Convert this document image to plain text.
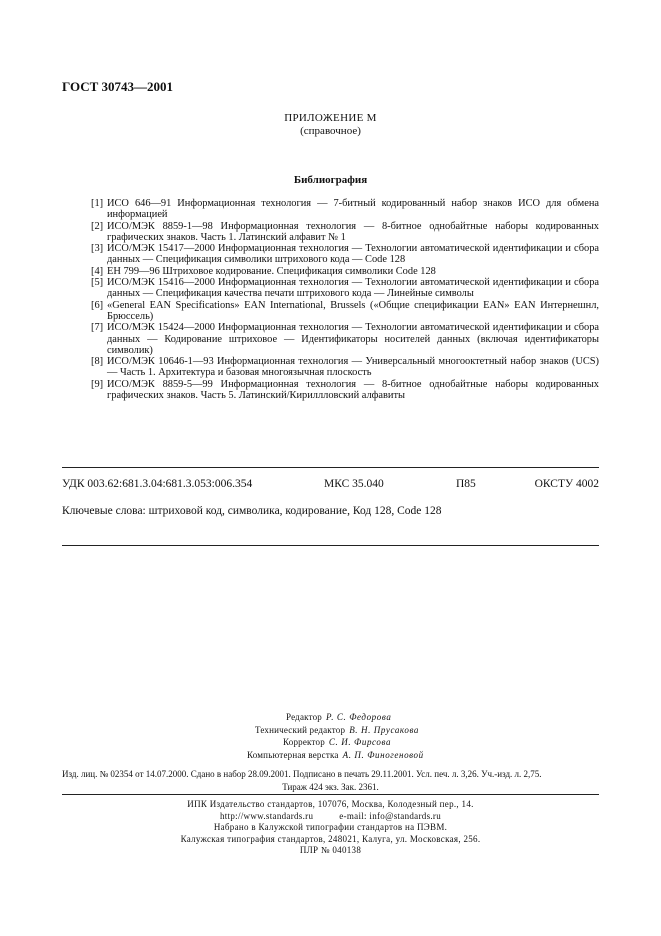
ГОСТ 30743—2001
ПРИЛОЖЕНИЕ М
(справочное)
Библиография
[1] ИСО 646—91 Информационная технология — 7-битный кодированный набор знаков ИСО для обмена информацией
[2] ИСО/МЭК 8859-1—98 Информационная технология — 8-битное однобайтные наборы кодированных графических знаков. Часть 1. Латинский алфавит № 1
[3] ИСО/МЭК 15417—2000 Информационная технология — Технологии автоматической идентификации и сбора данных — Спецификация символики штрихового кода — Code 128
[4] ЕН 799—96 Штриховое кодирование. Спецификация символики Code 128
[5] ИСО/МЭК 15416—2000 Информационная технология — Технологии автоматической идентификации и сбора данных — Спецификация качества печати штрихового кода — Линейные символы
[6] «General EAN Specifications» EAN International, Brussels («Общие спецификации EAN» EAN Интернешнл, Брюссель)
[7] ИСО/МЭК 15424—2000 Информационная технология — Технологии автоматической идентификации и сбора данных — Кодирование штриховое — Идентификаторы носителей данных (включая идентификаторы символик)
[8] ИСО/МЭК 10646-1—93 Информационная технология — Универсальный многооктетный набор знаков (UCS) — Часть 1. Архитектура и базовая многоязычная плоскость
[9] ИСО/МЭК 8859-5—99 Информационная технология — 8-битное однобайтные наборы кодированных графических знаков. Часть 5. Латинский/Кириллловский алфавиты
УДК 003.62:681.3.04:681.3.053:006.354	МКС 35.040	П85	ОКСТУ 4002
Ключевые слова: штриховой код, символика, кодирование, Код 128, Code 128
Редактор Р. С. Федорова
Технический редактор В. Н. Прусакова
Корректор С. И. Фирсова
Компьютерная верстка А. П. Финогеновой
Изд. лиц. № 02354 от 14.07.2000. Сдано в набор 28.09.2001. Подписано в печать 29.11.2001. Усл. печ. л. 3,26. Уч.-изд. л. 2,75.
Тираж 424 экз. Зак. 2361.
ИПК Издательство стандартов, 107076, Москва, Колодезный пер., 14.
http://www.standards.ru	e-mail: info@standards.ru
Набрано в Калужской типографии стандартов на ПЭВМ.
Калужская типография стандартов, 248021, Калуга, ул. Московская, 256.
ПЛР № 040138
